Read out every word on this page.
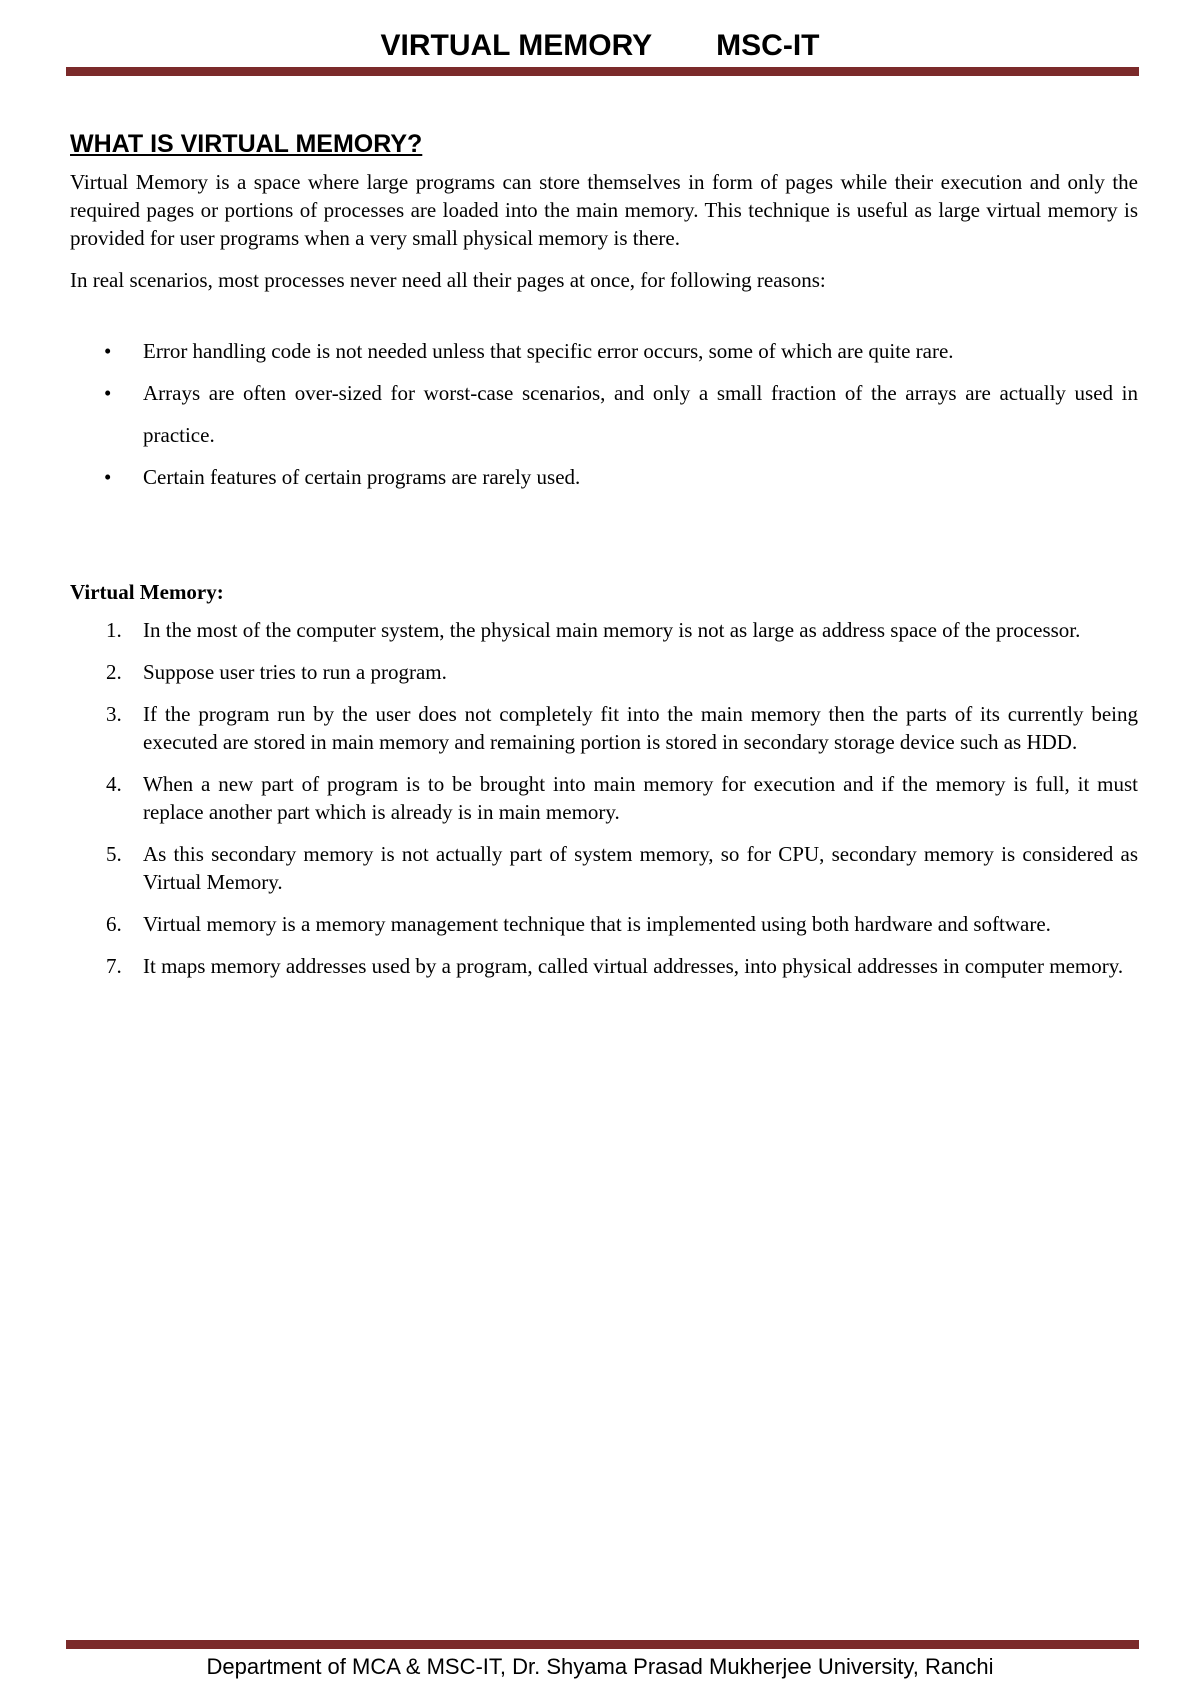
VIRTUAL MEMORY MSC-IT
WHAT IS VIRTUAL MEMORY?

Virtual Memory is a space where large programs can store themselves in form of pages while their execution and only the required pages or portions of processes are loaded into the main memory. This technique is useful as large virtual memory is provided for user programs when a very small physical memory is there.

In real scenarios, most processes never need all their pages at once, for following reasons:

• Error handling code is not needed unless that specific error occurs, some of which are quite rare.
• Arrays are often over-sized for worst-case scenarios, and only a small fraction of the arrays are actually used in practice.
• Certain features of certain programs are rarely used.
Virtual Memory:
1. In the most of the computer system, the physical main memory is not as large as address space of the processor.
2. Suppose user tries to run a program.
3. If the program run by the user does not completely fit into the main memory then the parts of its currently being executed are stored in main memory and remaining portion is stored in secondary storage device such as HDD.
4. When a new part of program is to be brought into main memory for execution and if the memory is full, it must replace another part which is already is in main memory.
5. As this secondary memory is not actually part of system memory, so for CPU, secondary memory is considered as Virtual Memory.
6. Virtual memory is a memory management technique that is implemented using both hardware and software.
7. It maps memory addresses used by a program, called virtual addresses, into physical addresses in computer memory.
Department of MCA & MSC-IT, Dr. Shyama Prasad Mukherjee University, Ranchi
